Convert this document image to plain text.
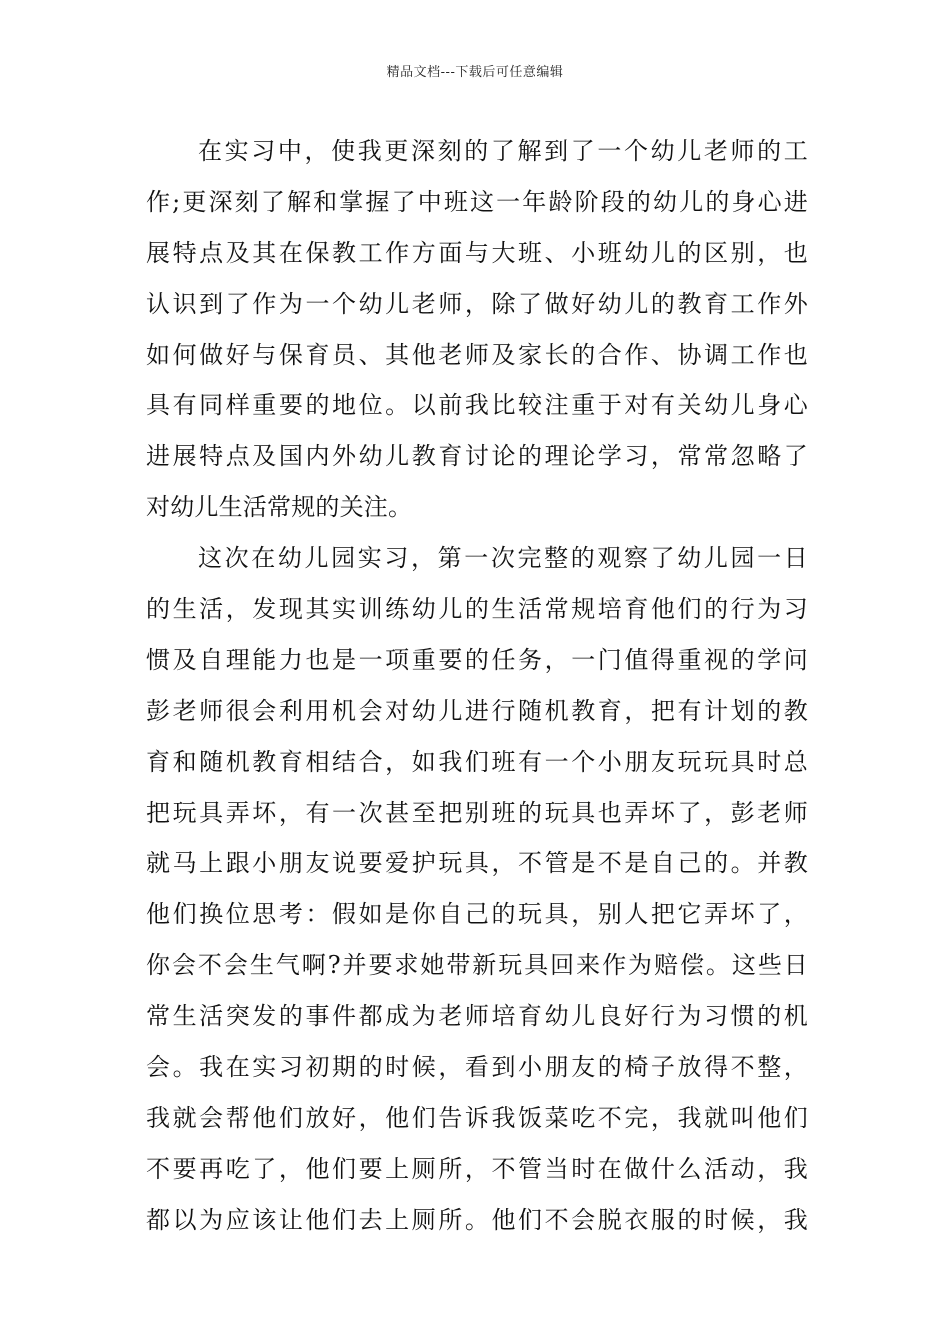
精品文档---下载后可任意编辑
在实习中，使我更深刻的了解到了一个幼儿老师的工
作;更深刻了解和掌握了中班这一年龄阶段的幼儿的身心进
展特点及其在保教工作方面与大班、小班幼儿的区别，也
认识到了作为一个幼儿老师，除了做好幼儿的教育工作外
如何做好与保育员、其他老师及家长的合作、协调工作也
具有同样重要的地位。以前我比较注重于对有关幼儿身心
进展特点及国内外幼儿教育讨论的理论学习，常常忽略了
对幼儿生活常规的关注。
这次在幼儿园实习，第一次完整的观察了幼儿园一日
的生活，发现其实训练幼儿的生活常规培育他们的行为习
惯及自理能力也是一项重要的任务，一门值得重视的学问
彭老师很会利用机会对幼儿进行随机教育，把有计划的教
育和随机教育相结合，如我们班有一个小朋友玩玩具时总
把玩具弄坏，有一次甚至把别班的玩具也弄坏了，彭老师
就马上跟小朋友说要爱护玩具，不管是不是自己的。并教
他们换位思考：假如是你自己的玩具，别人把它弄坏了，
你会不会生气啊?并要求她带新玩具回来作为赔偿。这些日
常生活突发的事件都成为老师培育幼儿良好行为习惯的机
会。我在实习初期的时候，看到小朋友的椅子放得不整，
我就会帮他们放好，他们告诉我饭菜吃不完，我就叫他们
不要再吃了，他们要上厕所，不管当时在做什么活动，我
都以为应该让他们去上厕所。他们不会脱衣服的时候，我
